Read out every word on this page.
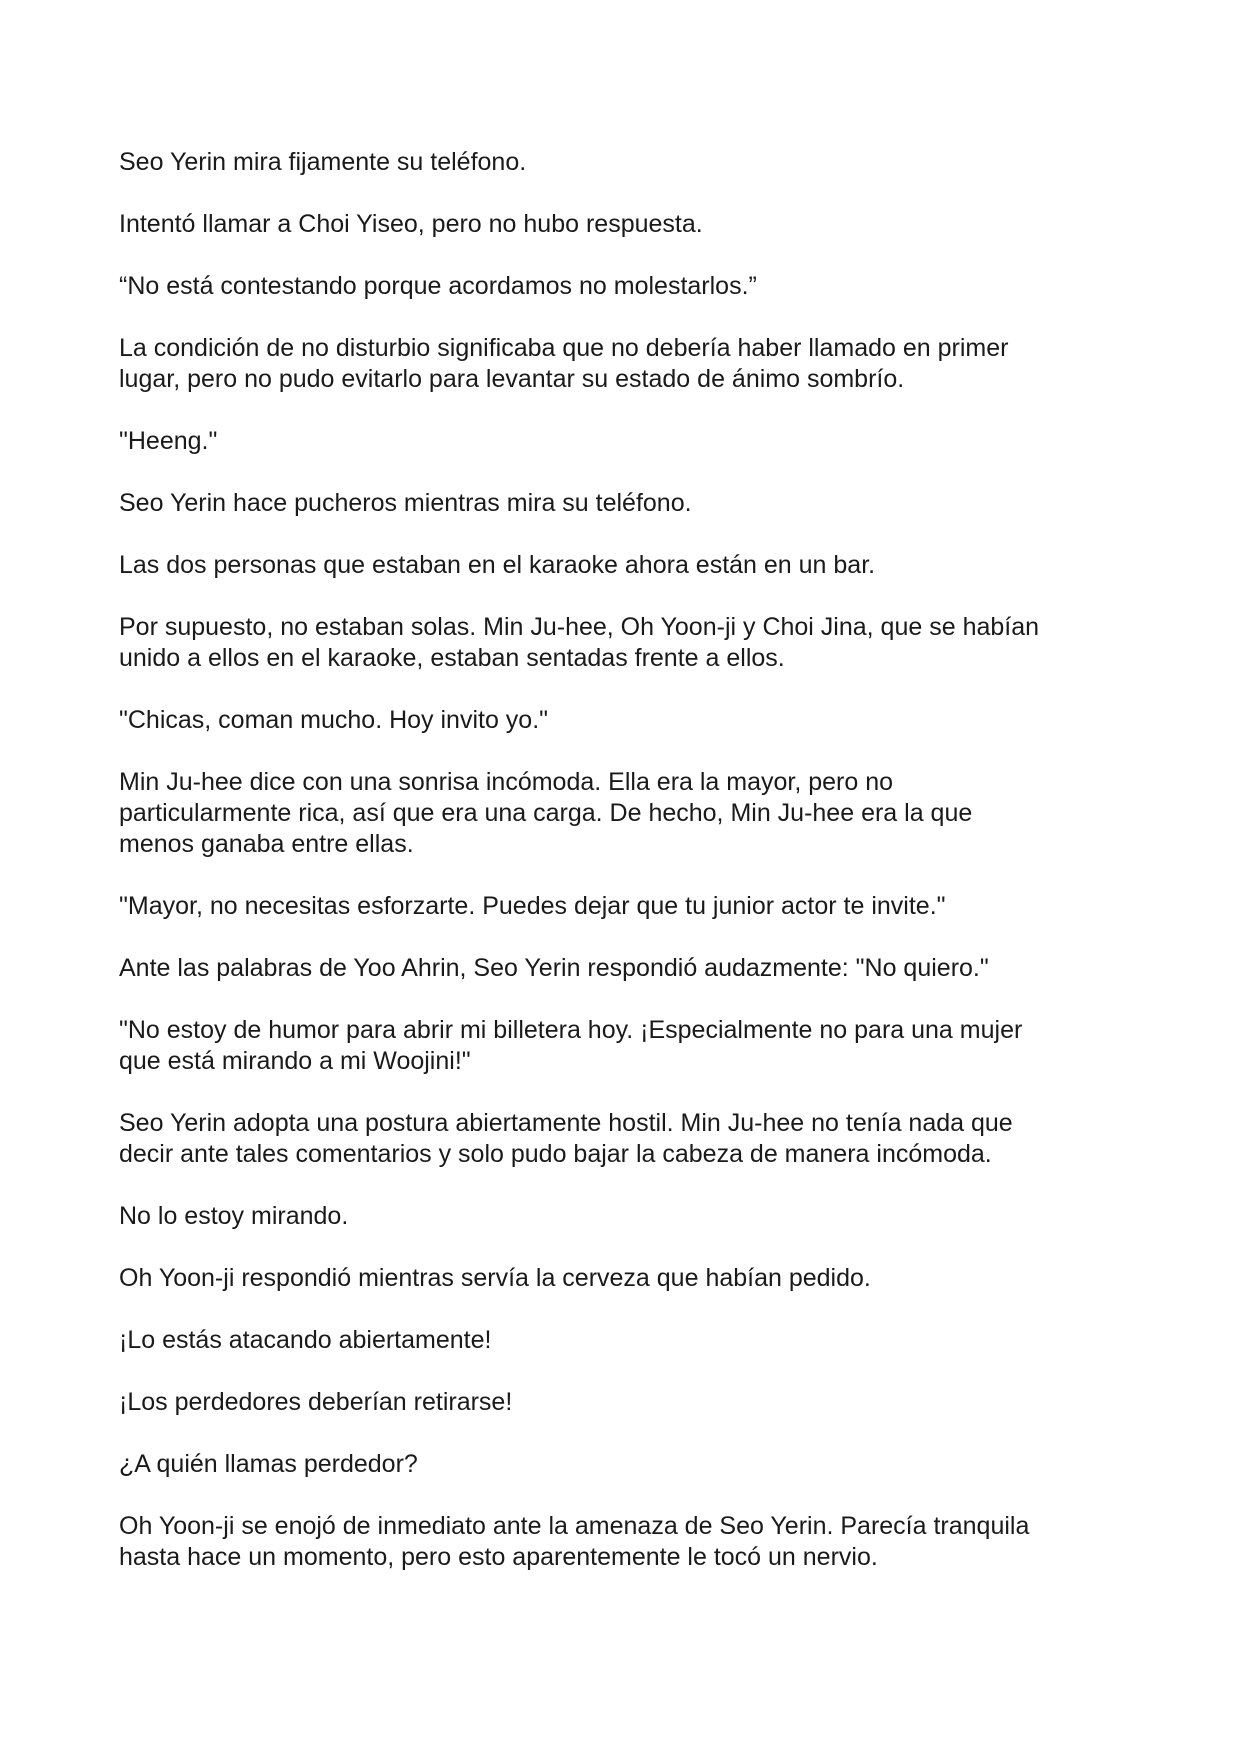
Seo Yerin mira fijamente su teléfono.

Intentó llamar a Choi Yiseo, pero no hubo respuesta.

“No está contestando porque acordamos no molestarlos.”

La condición de no disturbio significaba que no debería haber llamado en primer
lugar, pero no pudo evitarlo para levantar su estado de ánimo sombrío.

"Heeng."

Seo Yerin hace pucheros mientras mira su teléfono.

Las dos personas que estaban en el karaoke ahora están en un bar.

Por supuesto, no estaban solas. Min Ju-hee, Oh Yoon-ji y Choi Jina, que se habían
unido a ellos en el karaoke, estaban sentadas frente a ellos.

"Chicas, coman mucho. Hoy invito yo."

Min Ju-hee dice con una sonrisa incómoda. Ella era la mayor, pero no
particularmente rica, así que era una carga. De hecho, Min Ju-hee era la que
menos ganaba entre ellas.

"Mayor, no necesitas esforzarte. Puedes dejar que tu junior actor te invite."

Ante las palabras de Yoo Ahrin, Seo Yerin respondió audazmente: "No quiero."

"No estoy de humor para abrir mi billetera hoy. ¡Especialmente no para una mujer
que está mirando a mi Woojini!"

Seo Yerin adopta una postura abiertamente hostil. Min Ju-hee no tenía nada que
decir ante tales comentarios y solo pudo bajar la cabeza de manera incómoda.

No lo estoy mirando.

Oh Yoon-ji respondió mientras servía la cerveza que habían pedido.

¡Lo estás atacando abiertamente!

¡Los perdedores deberían retirarse!

¿A quién llamas perdedor?

Oh Yoon-ji se enojó de inmediato ante la amenaza de Seo Yerin. Parecía tranquila
hasta hace un momento, pero esto aparentemente le tocó un nervio.
